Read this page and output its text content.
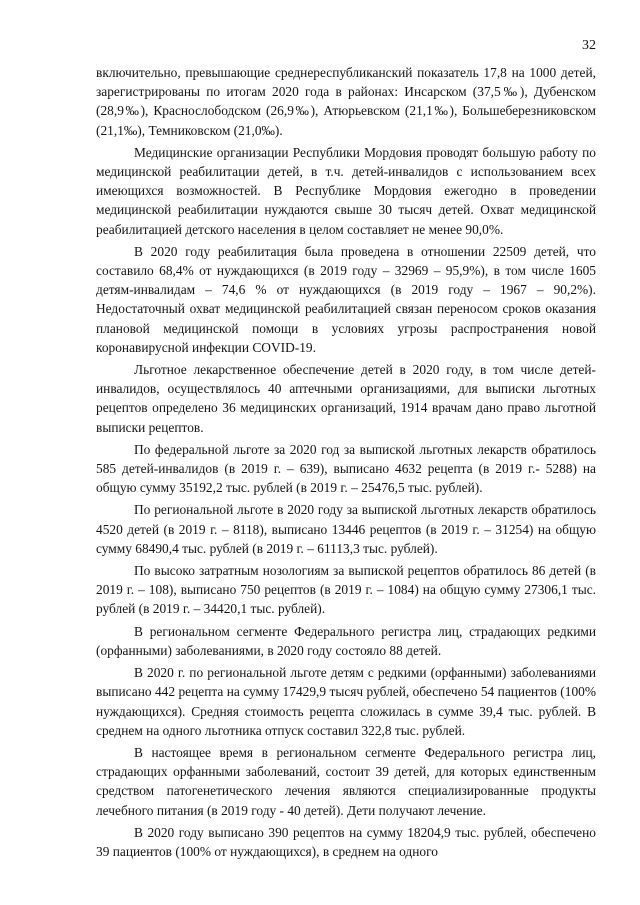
32

включительно, превышающие среднереспубликанский показатель 17,8 на 1000 детей, зарегистрированы по итогам 2020 года в районах: Инсарском (37,5‰), Дубенском (28,9‰), Краснослободском (26,9‰), Атюрьевском (21,1‰), Большеберезниковском (21,1‰), Темниковском (21,0‰).

Медицинские организации Республики Мордовия проводят большую работу по медицинской реабилитации детей, в т.ч. детей-инвалидов с использованием всех имеющихся возможностей. В Республике Мордовия ежегодно в проведении медицинской реабилитации нуждаются свыше 30 тысяч детей. Охват медицинской реабилитацией детского населения в целом составляет не менее 90,0%.

В 2020 году реабилитация была проведена в отношении 22509 детей, что составило 68,4% от нуждающихся (в 2019 году – 32969 – 95,9%), в том числе 1605 детям-инвалидам – 74,6 % от нуждающихся (в 2019 году – 1967 – 90,2%). Недостаточный охват медицинской реабилитацией связан переносом сроков оказания плановой медицинской помощи в условиях угрозы распространения новой коронавирусной инфекции COVID-19.

Льготное лекарственное обеспечение детей в 2020 году, в том числе детей-инвалидов, осуществлялось 40 аптечными организациями, для выписки льготных рецептов определено 36 медицинских организаций, 1914 врачам дано право льготной выписки рецептов.

По федеральной льготе за 2020 год за выпиской льготных лекарств обратилось 585 детей-инвалидов (в 2019 г. – 639), выписано 4632 рецепта (в 2019 г.- 5288) на общую сумму 35192,2 тыс. рублей (в 2019 г. – 25476,5 тыс. рублей).

По региональной льготе в 2020 году за выпиской льготных лекарств обратилось 4520 детей (в 2019 г. – 8118), выписано 13446 рецептов (в 2019 г. – 31254) на общую сумму 68490,4 тыс. рублей (в 2019 г. – 61113,3 тыс. рублей).

По высоко затратным нозологиям за выпиской рецептов обратилось 86 детей (в 2019 г. – 108), выписано 750 рецептов (в 2019 г. – 1084) на общую сумму 27306,1 тыс. рублей (в 2019 г. – 34420,1 тыс. рублей).

В региональном сегменте Федерального регистра лиц, страдающих редкими (орфанными) заболеваниями, в 2020 году состояло 88 детей.

В 2020 г. по региональной льготе детям с редкими (орфанными) заболеваниями выписано 442 рецепта на сумму 17429,9 тысяч рублей, обеспечено 54 пациентов (100% нуждающихся). Средняя стоимость рецепта сложилась в сумме 39,4 тыс. рублей. В среднем на одного льготника отпуск составил 322,8 тыс. рублей.

В настоящее время в региональном сегменте Федерального регистра лиц, страдающих орфанными заболеваний, состоит 39 детей, для которых единственным средством патогенетического лечения являются специализированные продукты лечебного питания (в 2019 году - 40 детей). Дети получают лечение.

В 2020 году выписано 390 рецептов на сумму 18204,9 тыс. рублей, обеспечено 39 пациентов (100% от нуждающихся), в среднем на одного
